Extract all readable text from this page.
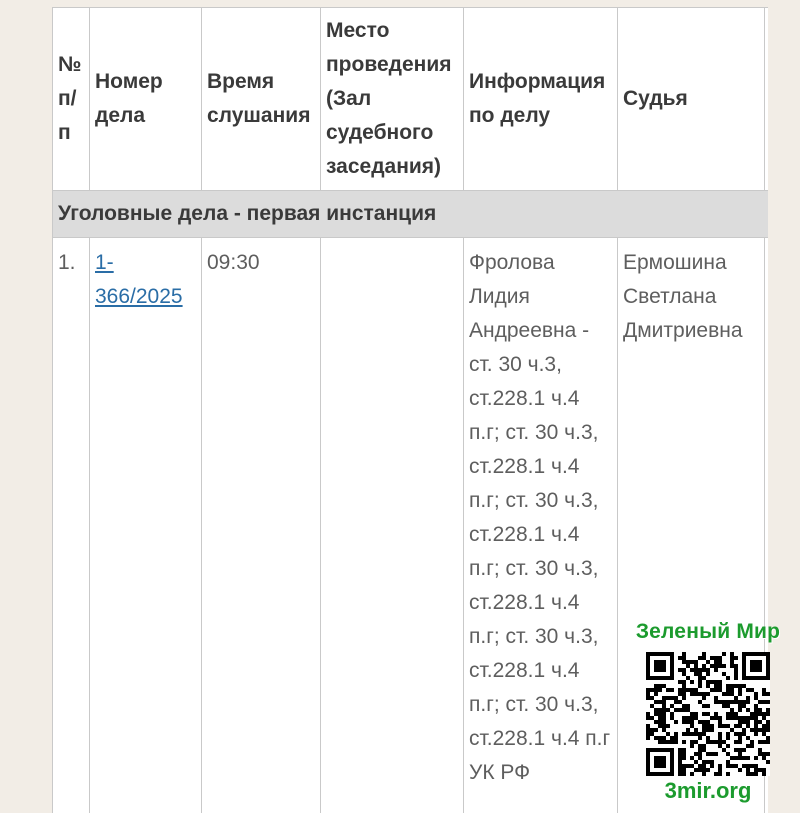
№ п/п	Номер дела	Время слушания	Место проведения (Зал судебного заседания)	Информация по делу	Судья	
Уголовные дела - первая инстанция						
1.	1-366/2025	09:30		Фролова Лидия Андреевна - ст. 30 ч.3, ст.228.1 ч.4 п.г; ст. 30 ч.3, ст.228.1 ч.4 п.г; ст. 30 ч.3, ст.228.1 ч.4 п.г; ст. 30 ч.3, ст.228.1 ч.4 п.г; ст. 30 ч.3, ст.228.1 ч.4 п.г; ст. 30 ч.3, ст.228.1 ч.4 п.г УК РФ	Ермошина Светлана Дмитриевна	
Зеленый Мир
3mir.org
